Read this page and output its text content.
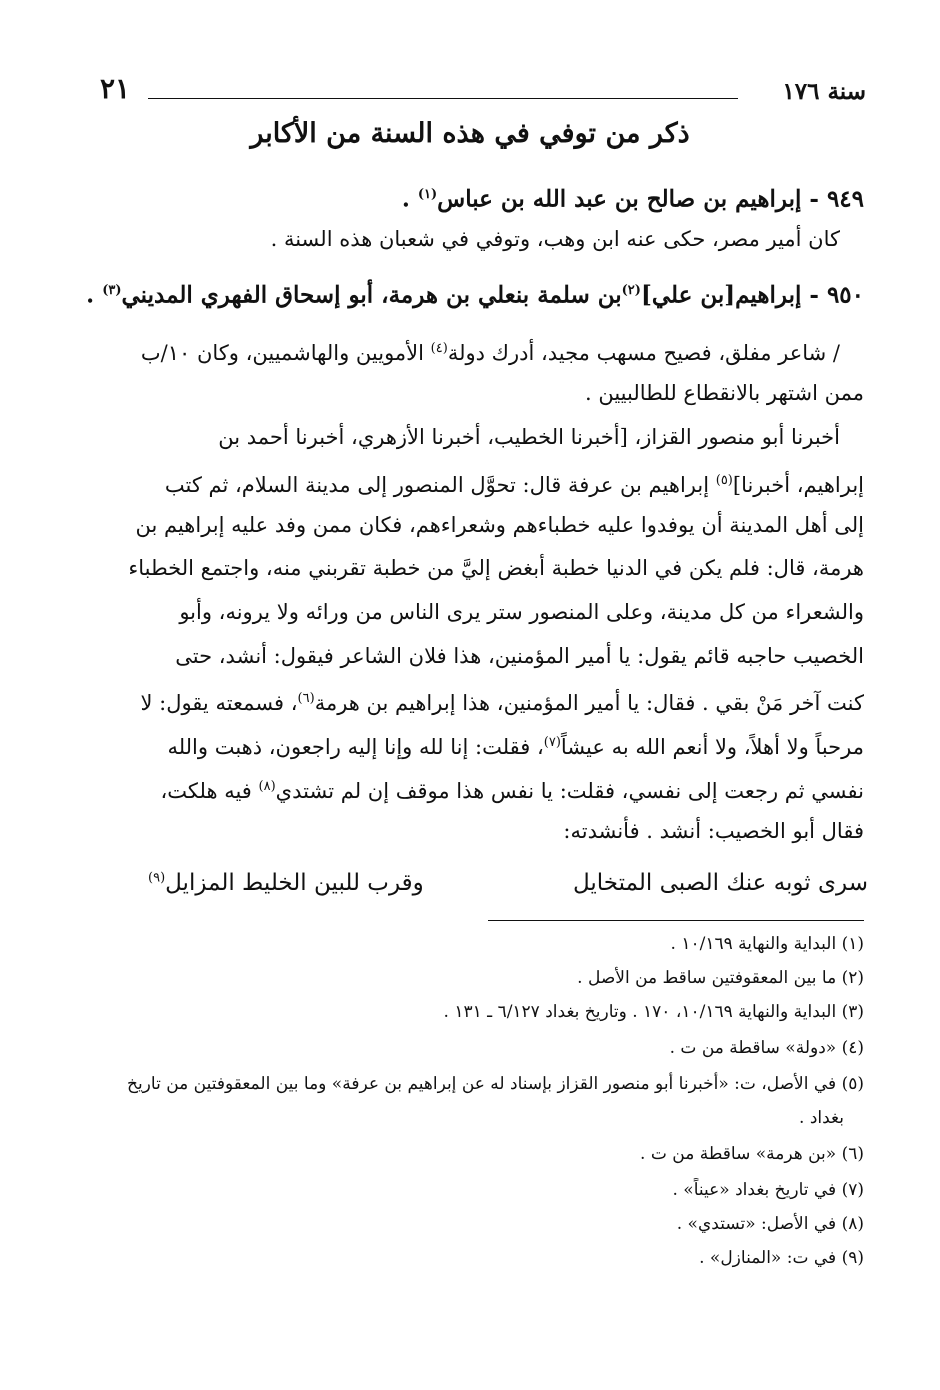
سنة ١٧٦
٢١
ذكر من توفي في هذه السنة من الأكابر
٩٤٩ - إبراهيم بن صالح بن عبد الله بن عباس$^{(١)}$ .
كان أمير مصر، حكى عنه ابن وهب، وتوفي في شعبان هذه السنة .
٩٥٠ - إبراهيم[بن علي]$^{(٢)}$بن سلمة بنعلي بن هرمة، أبو إسحاق الفهري المديني$^{(٣)}$ .
/ شاعر مفلق، فصيح مسهب مجيد، أدرك دولة$^{(٤)}$ الأمويين والهاشميين، وكان ١٠/ب
ممن اشتهر بالانقطاع للطالبيين .
أخبرنا أبو منصور القزاز، [أخبرنا الخطيب، أخبرنا الأزهري، أخبرنا أحمد بن
إبراهيم، أخبرنا]$^{(٥)}$ إبراهيم بن عرفة قال: تحوَّل المنصور إلى مدينة السلام، ثم كتب
إلى أهل المدينة أن يوفدوا عليه خطباءهم وشعراءهم، فكان ممن وفد عليه إبراهيم بن
هرمة، قال: فلم يكن في الدنيا خطبة أبغض إليَّ من خطبة تقربني منه، واجتمع الخطباء
والشعراء من كل مدينة، وعلى المنصور ستر يرى الناس من ورائه ولا يرونه، وأبو
الخصيب حاجبه قائم يقول: يا أمير المؤمنين، هذا فلان الشاعر فيقول: أنشد، حتى
كنت آخر مَنْ بقي . فقال: يا أمير المؤمنين، هذا إبراهيم بن هرمة$^{(٦)}$، فسمعته يقول: لا
مرحباً ولا أهلاً، ولا أنعم الله به عيشاً$^{(٧)}$، فقلت: إنا لله وإنا إليه راجعون، ذهبت والله
نفسي ثم رجعت إلى نفسي، فقلت: يا نفس هذا موقف إن لم تشتدي$^{(٨)}$ فيه هلكت،
فقال أبو الخصيب: أنشد . فأنشدته:
سرى ثوبه عنك الصبى المتخايل
وقرب للبين الخليط المزايل$^{(٩)}$
(١) البداية والنهاية ١٠/١٦٩ .
(٢) ما بين المعقوفتين ساقط من الأصل .
(٣) البداية والنهاية ١٠/١٦٩، ١٧٠ . وتاريخ بغداد ٦/١٢٧ ـ ١٣١ .
(٤) «دولة» ساقطة من ت .
(٥) في الأصل، ت: «أخبرنا أبو منصور القزاز بإسناد له عن إبراهيم بن عرفة» وما بين المعقوفتين من تاريخ
بغداد .
(٦) «بن هرمة» ساقطة من ت .
(٧) في تاريخ بغداد «عيناً» .
(٨) في الأصل: «تستدي» .
(٩) في ت: «المنازل» .
